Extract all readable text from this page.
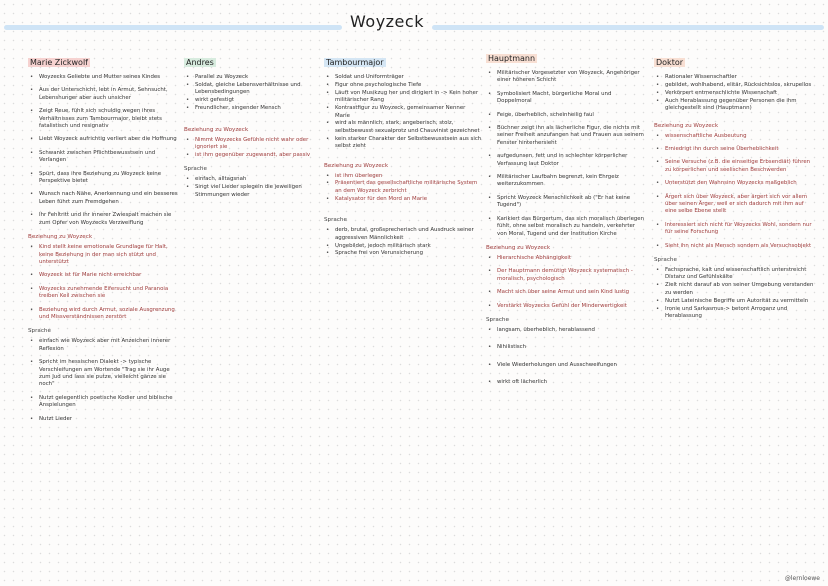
Woyzeck
Marie Zickwolf
• Woyzecks Geliebte und Mutter seines Kindes
• Aus der Unterschicht, lebt in Armut, Sehnsucht, Lebenshunger aber auch unsicher
• Zeigt Reue, fühlt sich schuldig wegen ihres Verhältnisses zum Tambourmajor, bleibt stets fatalistisch und resignativ
• Liebt Woyzeck aufrichtig verliert aber die Hoffnung
• Schwankt zwischen Pflichtbewusstsein und Verlangen
• Spürt, dass ihre Beziehung zu Woyzeck keine Perspektive bietet
• Wunsch nach Nähe, Anerkennung und ein besseres Leben führt zum Fremdgehen
• Ihr Fehltritt und ihr innerer Zwiespalt machen sie zum Opfer von Woyzecks Verzweiflung
Beziehung zu Woyzeck
• Kind stellt keine emotionale Grundlage für Halt, keine Beziehung in der man sich stützt und unterstützt
• Woyzeck ist für Marie nicht erreichbar
• Woyzecks zunehmende Eifersucht und Paranoia treiben Keil zwischen sie
• Beziehung wird durch Armut, soziale Ausgrenzung und Missverständnissen zerstört
Sprache
• einfach wie Woyzeck aber mit Anzeichen innerer Reflexion
• Spricht im hessischen Dialekt -> typische Verschleifungen am Wortende "Trag sie ihr Auge zum Jud und lass sie putze, vielleicht gänze sie noch"
• Nutzt gelegentlich poetische Kodier und biblische Anspielungen
• Nutzt Lieder
Andres
• Parallel zu Woyzeck
• Soldat, gleiche Lebensverhältnisse und Lebensbedingungen
• wirkt gefestigt
• Freundlicher, singender Mensch
Beziehung zu Woyzeck
• Nimmt Woyzecks Gefühle nicht wahr oder ignoriert sie
• ist ihm gegenüber zugewandt, aber passiv
Sprache
• einfach, alltagsnah
• Singt viel Lieder spiegeln die jeweiligen Stimmungen wieder
Tambourmajor
• Soldat und Uniformträger
• Figur ohne psychologische Tiefe
• Läuft von Musikzug her und dirigiert in -> Kein hoher militärischer Rang
• Kontrastfigur zu Woyzeck, gemeinsamer Nenner Marie
• wird als männlich, stark, angeberisch, stolz, selbstbewusst sexualprotz und Chauvinist gezeichnet
• kein starker Charakter der Selbstbewusstsein aus sich selbst zieht
Beziehung zu Woyzeck
• ist ihm überlegen
• Präsentiert das gesellschaftliche militärische System an dem Woyzeck zerbricht
• Katalysator für den Mord an Marie
Sprache
• derb, brutal, großsprecherisch und Ausdruck seiner aggressiven Männlichkeit
• Ungebildet, jedoch militärisch stark
• Sprache frei von Verunsicherung
Hauptmann
• Militärischer Vorgesetzter von Woyzeck, Angehöriger einer höheren Schicht
• Symbolisiert Macht, bürgerliche Moral und Doppelmoral
• Feige, überheblich, scheinheilig faul
• Büchner zeigt ihn als lächerliche Figur, die nichts mit seiner Freiheit anzufangen hat und Frauen aus seinem Fenster hinterhersieht
• aufgedunsen, fett und in schlechter körperlicher Verfassung laut Doktor
• Militärischer Laufbahn begrenzt, kein Ehrgeiz weiterzukommen
• Spricht Woyzeck Menschlichkeit ab ("Er hat keine Tugend")
• Karikiert das Bürgertum, das sich moralisch überlegen fühlt, ohne selbst moralisch zu handeln, verkehrter von Moral, Tugend und der Institution Kirche
Beziehung zu Woyzeck
• Hierarchische Abhängigkeit
• Der Hauptmann demütigt Woyzeck systematisch - moralisch, psychologisch
• Macht sich über seine Armut und sein Kind lustig
• Verstärkt Woyzecks Gefühl der Minderwertigkeit
Sprache
• langsam, überheblich, herablassend
• Nihilistisch
• Viele Wiederholungen und Ausschweifungen
• wirkt oft lächerlich
Doktor
• Rationaler Wissenschaftler
• gebildet, wohlhabend, elitär, Rücksichtslos, skrupellos
• Verkörpert entmenschlichte Wissenschaft
• Auch Herablassung gegenüber Personen die ihm gleichgestellt sind (Hauptmann)
Beziehung zu Woyzeck
• wissenschaftliche Ausbeutung
• Erniedrigt ihn durch seine Überheblichkeit
• Seine Versuche (z.B. die einseitige Erbsendiät) führen zu körperlichen und seelischen Beschwerden
• Unterstützt den Wahnsinn Woyzecks maßgeblich
• Ärgert sich über Woyzeck, aber ärgert sich vor allem über seinen Ärger, weil er sich dadurch mit ihm auf eine selbe Ebene stellt
• Interessiert sich nicht für Woyzecks Wohl, sondern nur für seine Forschung
• Sieht ihn nicht als Mensch sondern als Versuchsobjekt
Sprache
• Fachsprache, kalt und wissenschaftlich unterstreicht Distanz und Gefühlskälte
• Zielt nicht darauf ab von seiner Umgebung verstanden zu werden
• Nutzt Lateinische Begriffe um Autorität zu vermitteln
• Ironie und Sarkasmus-> betont Arroganz und Herablassung
@lernloewe
